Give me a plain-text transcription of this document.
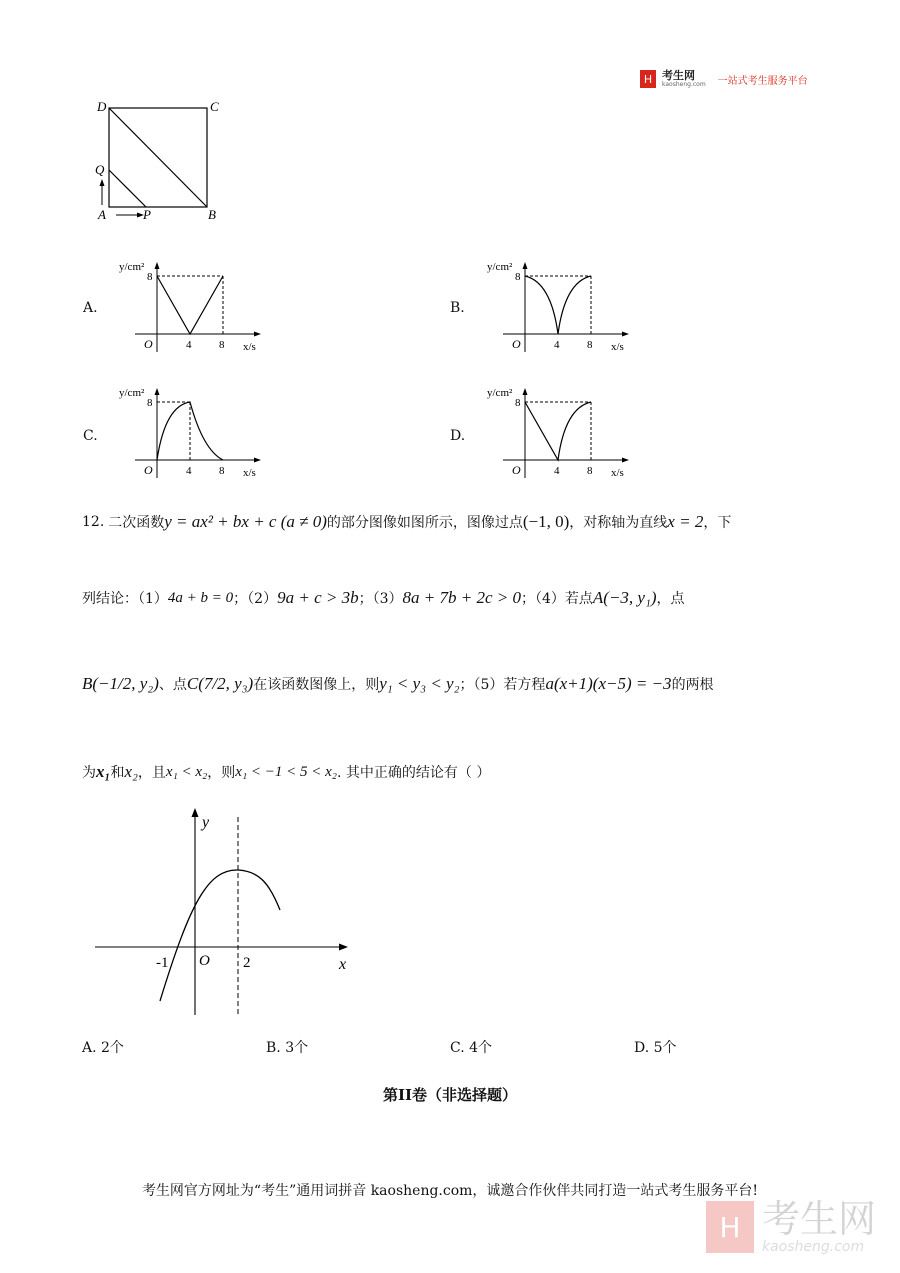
H 考生网
kaosheng.com 一站式考生服务平台
D	C
Q
A	P	B
A.
y/cm²
8
O	4	8 x/s
B.
y/cm²
8
O	4	8 x/s
C.
y/cm²
8
O	4	8 x/s
D.
y/cm²
8
O	4	8 x/s
12. 二次函数 y = ax² + bx + c (a ≠ 0) 的部分图像如图所示，图像过点 (−1, 0) ，对称轴为直线 x = 2 ，下
列结论：（1） 4a + b = 0 ；（2） 9a + c > 3b ；（3） 8a + 7b + 2c > 0 ；（4）若点 A(−3, y₁) ，点
B(−1/2, y₂) 、点 C(7/2, y₃) 在该函数图像上，则 y₁ < y₃ < y₂ ；（5）若方程 a(x+1)(x−5) = −3 的两根
为 x₁ 和 x₂ ，且 x₁ < x₂ ，则 x₁ < −1 < 5 < x₂ . 其中正确的结论有（ ）
y
x
O
-1	2
A. 2个	B. 3个	C. 4个	D. 5个
第II卷（非选择题）
考生网官方网址为“考生”通用词拼音 kaosheng.com，诚邀合作伙伴共同打造一站式考生服务平台!
H 考生网
kaosheng.com
